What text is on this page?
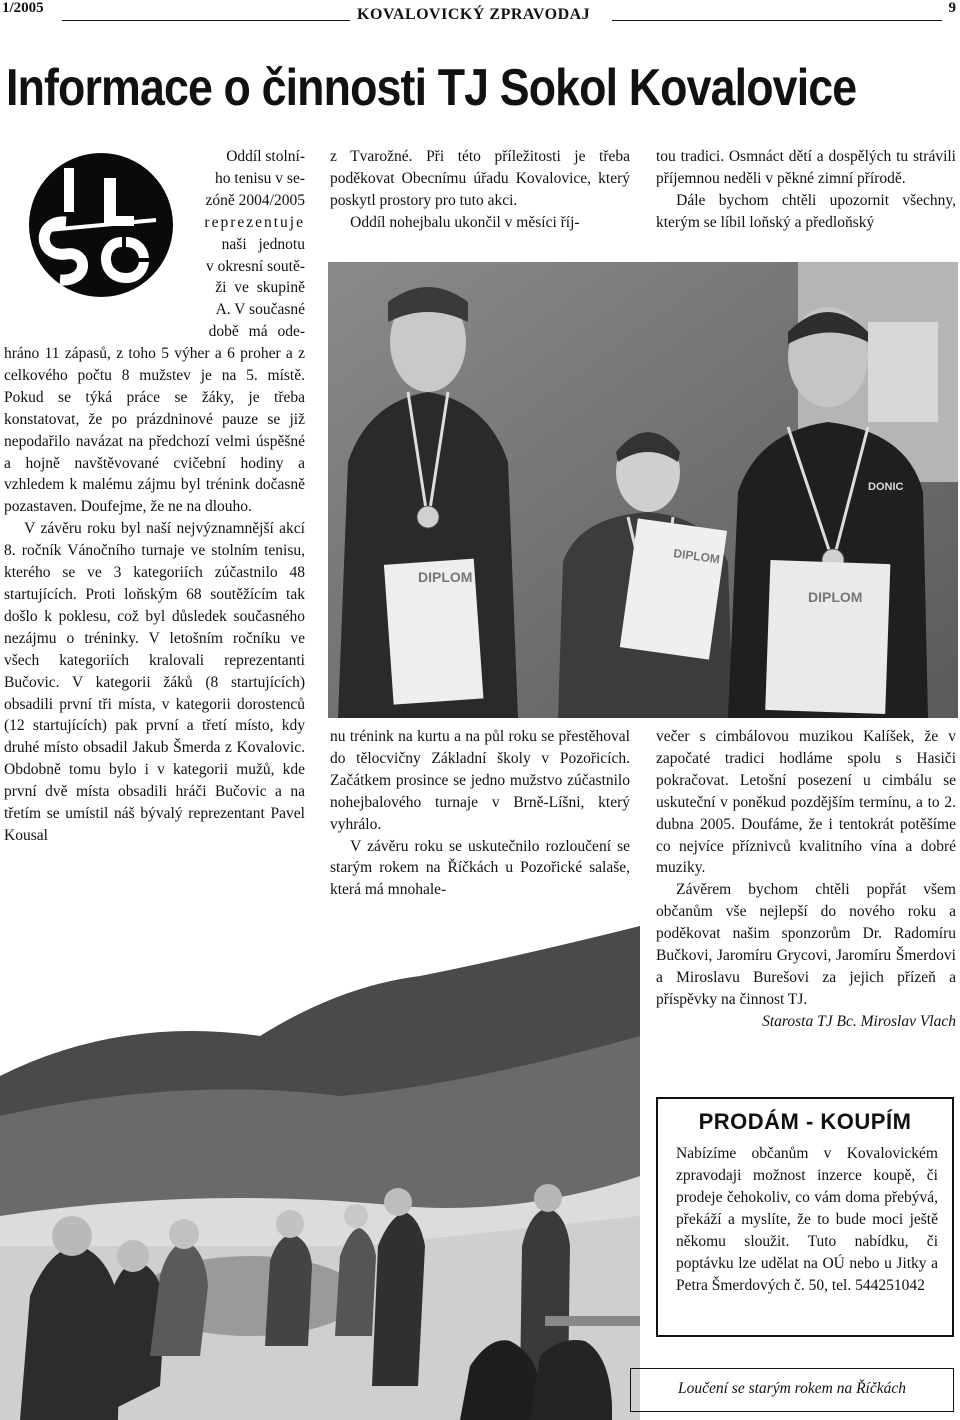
1/2005	KOVALOVICKÝ ZPRAVODAJ	9
Informace o činnosti TJ Sokol Kovalovice
Oddíl stolní-
ho tenisu v se-
zóně 2004/2005
reprezentuje
naši jednotu
v okresní soutě-
ži ve skupině
A. V současné
době má ode-

hráno 11 zápasů, z toho 5 výher a 6 proher a z celkového počtu 8 mužstev je na 5. místě. Pokud se týká práce se žáky, je třeba konstatovat, že po prázdninové pauze se již nepodařilo navázat na předchozí velmi úspěšné a hojně navštěvované cvičební hodiny a vzhledem k malému zájmu byl trénink dočasně pozastaven. Doufejme, že ne na dlouho.

V závěru roku byl naší nejvýznamnější akcí 8. ročník Vánočního turnaje ve stolním tenisu, kterého se ve 3 kategoriích zúčastnilo 48 startujících. Proti loňským 68 soutěžícím tak došlo k poklesu, což byl důsledek současného nezájmu o tréninky. V letošním ročníku ve všech kategoriích kralovali reprezentanti Bučovic. V kategorii žáků (8 startujících) obsadili první tři místa, v kategorii dorostenců (12 startujících) pak první a třetí místo, kdy druhé místo obsadil Jakub Šmerda z Kovalovic. Obdobně tomu bylo i v kategorii mužů, kde první dvě místa obsadili hráči Bučovic a na třetím se umístil náš bývalý reprezentant Pavel Kousal

z Tvarožné. Při této příležitosti je třeba poděkovat Obecnímu úřadu Kovalovice, který poskytl prostory pro tuto akci.

Oddíl nohejbalu ukončil v měsíci říj-

tou tradici. Osmnáct dětí a dospělých tu strávili příjemnou neděli v pěkné zimní přírodě.

Dále bychom chtěli upozornit všechny, kterým se líbil loňský a předloňský

DIPLOM
DIPLOM
DIPLOM
DONIC

nu trénink na kurtu a na půl roku se přestěhoval do tělocvičny Základní školy v Pozořicích. Začátkem prosince se jedno mužstvo zúčastnilo nohejbalového turnaje v Brně-Líšni, který vyhrálo.

V závěru roku se uskutečnilo rozloučení se starým rokem na Říčkách u Pozořické salaše, která má mnohale-

večer s cimbálovou muzikou Kalíšek, že v započaté tradici hodláme spolu s Hasiči pokračovat. Letošní posezení u cimbálu se uskuteční v poněkud pozdějším termínu, a to 2. dubna 2005. Doufáme, že i tentokrát potěšíme co nejvíce příznivců kvalitního vína a dobré muziky.

Závěrem bychom chtěli popřát všem občanům vše nejlepší do nového roku a poděkovat našim sponzorům Dr. Radomíru Bučkovi, Jaromíru Grycovi, Jaromíru Šmerdovi a Miroslavu Burešovi za jejich přízeň a příspěvky na činnost TJ.

Starosta TJ Bc. Miroslav Vlach

PRODÁM - KOUPÍM
Nabízíme občanům v Kovalovickém zpravodaji možnost inzerce koupě, či prodeje čehokoliv, co vám doma přebývá, překáží a myslíte, že to bude moci ještě někomu sloužit. Tuto nabídku, či poptávku lze udělat na OÚ nebo u Jitky a Petra Šmerdových č. 50, tel. 544251042
Loučení se starým rokem na Říčkách
